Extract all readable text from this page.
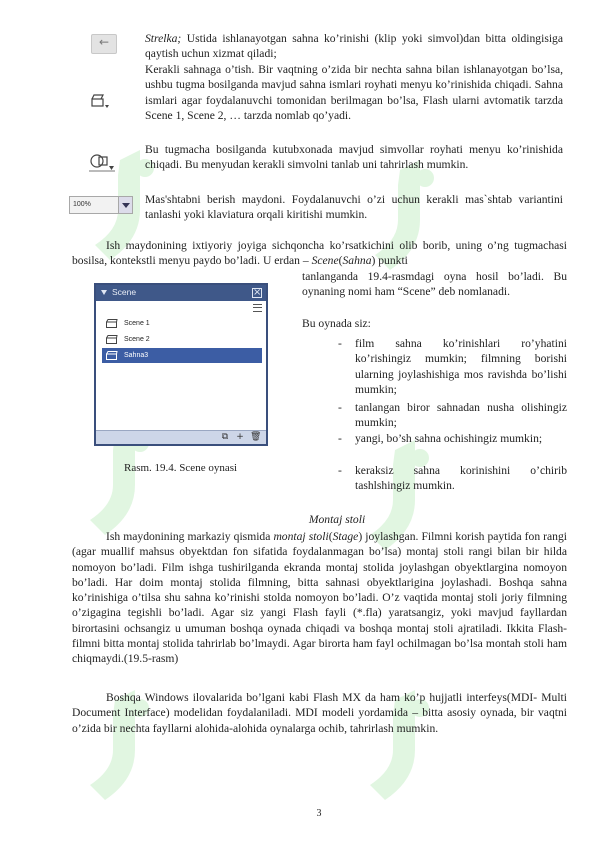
←
Strelka; Ustida ishlanayotgan sahna ko’rinishi (klip yoki simvol)dan bitta oldingisiga qaytish uchun xizmat qiladi;
Kerakli sahnaga o’tish. Bir vaqtning o’zida bir nechta sahna bilan ishlanayotgan bo’lsa, ushbu tugma bosilganda mavjud sahna ismlari royhati menyu ko’rinishida chiqadi. Sahna ismlari agar foydalanuvchi tomonidan berilmagan bo’lsa, Flash ularni avtomatik tarzda Scene 1, Scene 2, … tarzda nomlab qo’yadi.
Bu tugmacha bosilganda kutubxonada mavjud simvollar royhati menyu ko’rinishida chiqadi. Bu menyudan kerakli simvolni tanlab uni tahrirlash mumkin.
100%	Mas'shtabni berish maydoni. Foydalanuvchi o’zi uchun kerakli mas`shtab variantini tanlashi yoki klaviatura orqali kiritishi mumkin.
Ish maydonining ixtiyoriy joyiga sichqoncha ko’rsatkichini olib borib, uning o’ng tugmachasi bosilsa, kontekstli menyu paydo bo’ladi. U erdan – Scene(Sahna) punkti
tanlanganda 19.4-rasmdagi oyna hosil bo’ladi. Bu oynaning nomi ham “Scene” deb nomlanadi.
Bu oynada siz:
- film sahna ko’rinishlari ro’yhatini ko’rishingiz mumkin; filmning borishi ularning joylashishiga mos ravishda bo’lishi mumkin;
- tanlangan biror sahnadan nusha olishingiz mumkin;
- yangi, bo’sh sahna ochishingiz mumkin;
- keraksiz sahna korinishini o’chirib tashlshingiz mumkin.
Scene
×
Scene 1
Scene 2
Sahna3
⧉ + 🗑
Rasm. 19.4. Scene oynasi
Montaj stoli
Ish maydonining markaziy qismida montaj stoli(Stage) joylashgan. Filmni korish paytida fon rangi (agar muallif mahsus obyektdan fon sifatida foydalanmagan bo’lsa) montaj stoli rangi bilan bir hilda nomoyon bo’ladi. Film ishga tushirilganda ekranda montaj stolida joylashgan obyektlargina nomoyon bo’ladi. Har doim montaj stolida filmning, bitta sahnasi obyektlarigina joylashadi. Boshqa sahna ko’rinishiga o’tilsa shu sahna ko’rinishi stolda nomoyon bo’ladi. O’z vaqtida montaj stoli joriy filmning o’zigagina tegishli bo’ladi. Agar siz yangi Flash fayli (*.fla) yaratsangiz, yoki mavjud fayllardan birortasini ochsangiz u umuman boshqa oynada chiqadi va boshqa montaj stoli ajratiladi. Ikkita Flash-filmni bitta montaj stolida tahrirlab bo’lmaydi. Agar birorta ham fayl ochilmagan bo’lsa montah stoli ham chiqmaydi.(19.5-rasm)
Boshqa Windows ilovalarida bo’lgani kabi Flash MX da ham ko’p hujjatli interfeys(MDI- Multi Document Interface) modelidan foydalaniladi. MDI modeli yordamida – bitta asosiy oynada, bir vaqtni o’zida bir nechta fayllarni alohida-alohida oynalarga ochib, tahrirlash mumkin.
3
